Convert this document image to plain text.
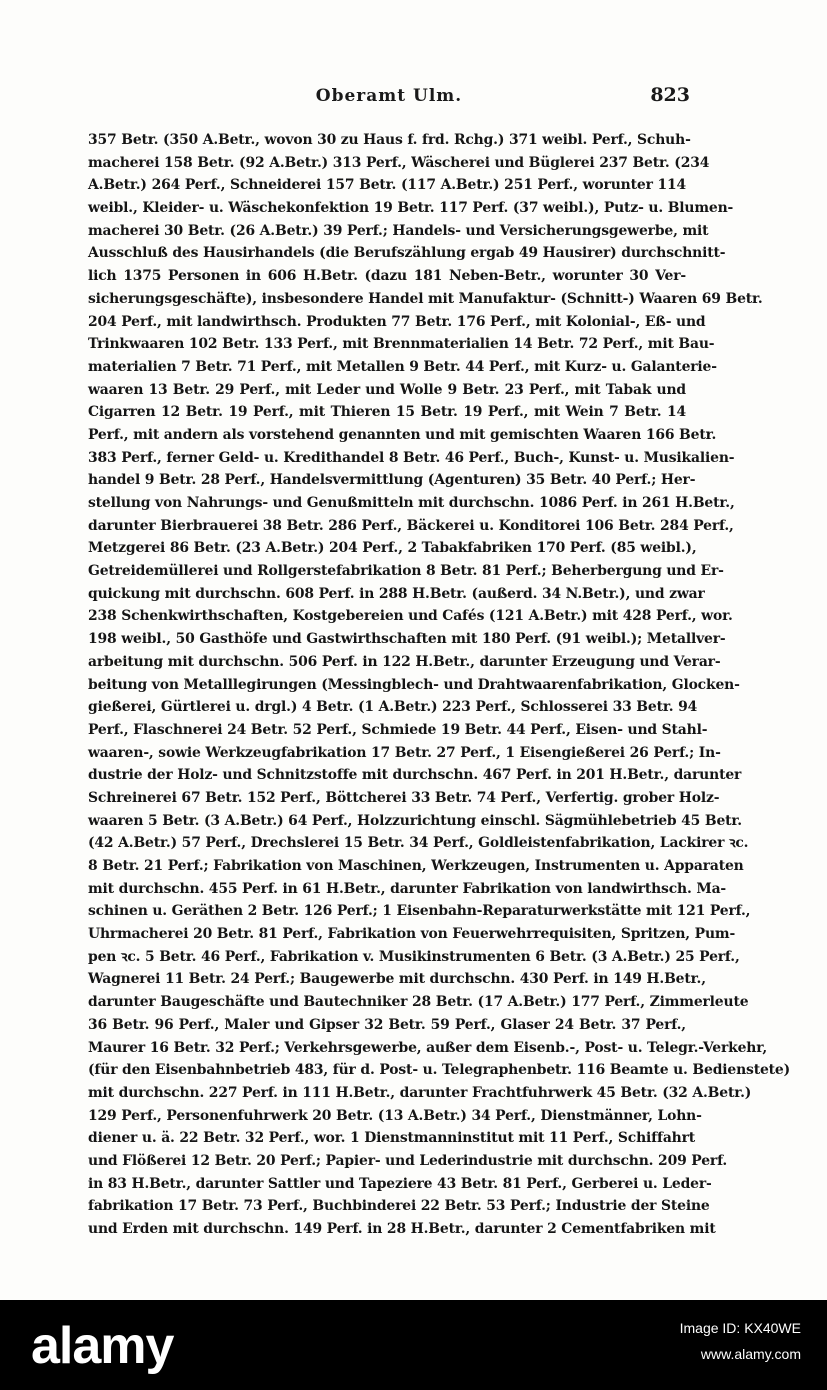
Oberamt Ulm.	823
357 Betr. (350 A.Betr., wovon 30 zu Haus f. frd. Rchg.) 371 weibl. Perf., Schuh-
macherei 158 Betr. (92 A.Betr.) 313 Perf., Wäscherei und Büglerei 237 Betr. (234
A.Betr.) 264 Perf., Schneiderei 157 Betr. (117 A.Betr.) 251 Perf., worunter 114
weibl., Kleider- u. Wäschekonfektion 19 Betr. 117 Perf. (37 weibl.), Putz- u. Blumen-
macherei 30 Betr. (26 A.Betr.) 39 Perf.; Handels- und Versicherungsgewerbe, mit
Ausschluß des Hausirhandels (die Berufszählung ergab 49 Hausirer) durchschnitt-
lich 1375 Personen in 606 H.Betr. (dazu 181 Neben-Betr., worunter 30 Ver-
sicherungsgeschäfte), insbesondere Handel mit Manufaktur- (Schnitt-) Waaren 69 Betr.
204 Perf., mit landwirthsch. Produkten 77 Betr. 176 Perf., mit Kolonial-, Eß- und
Trinkwaaren 102 Betr. 133 Perf., mit Brennmaterialien 14 Betr. 72 Perf., mit Bau-
materialien 7 Betr. 71 Perf., mit Metallen 9 Betr. 44 Perf., mit Kurz- u. Galanterie-
waaren 13 Betr. 29 Perf., mit Leder und Wolle 9 Betr. 23 Perf., mit Tabak und
Cigarren 12 Betr. 19 Perf., mit Thieren 15 Betr. 19 Perf., mit Wein 7 Betr. 14
Perf., mit andern als vorstehend genannten und mit gemischten Waaren 166 Betr.
383 Perf., ferner Geld- u. Kredithandel 8 Betr. 46 Perf., Buch-, Kunst- u. Musikalien-
handel 9 Betr. 28 Perf., Handelsvermittlung (Agenturen) 35 Betr. 40 Perf.; Her-
stellung von Nahrungs- und Genußmitteln mit durchschn. 1086 Perf. in 261 H.Betr.,
darunter Bierbrauerei 38 Betr. 286 Perf., Bäckerei u. Konditorei 106 Betr. 284 Perf.,
Metzgerei 86 Betr. (23 A.Betr.) 204 Perf., 2 Tabakfabriken 170 Perf. (85 weibl.),
Getreidemüllerei und Rollgerstefabrikation 8 Betr. 81 Perf.; Beherbergung und Er-
quickung mit durchschn. 608 Perf. in 288 H.Betr. (außerd. 34 N.Betr.), und zwar
238 Schenkwirthschaften, Kostgebereien und Cafés (121 A.Betr.) mit 428 Perf., wor.
198 weibl., 50 Gasthöfe und Gastwirthschaften mit 180 Perf. (91 weibl.); Metallver-
arbeitung mit durchschn. 506 Perf. in 122 H.Betr., darunter Erzeugung und Verar-
beitung von Metalllegirungen (Messingblech- und Drahtwaarenfabrikation, Glocken-
gießerei, Gürtlerei u. drgl.) 4 Betr. (1 A.Betr.) 223 Perf., Schlosserei 33 Betr. 94
Perf., Flaschnerei 24 Betr. 52 Perf., Schmiede 19 Betr. 44 Perf., Eisen- und Stahl-
waaren-, sowie Werkzeugfabrikation 17 Betr. 27 Perf., 1 Eisengießerei 26 Perf.; In-
dustrie der Holz- und Schnitzstoffe mit durchschn. 467 Perf. in 201 H.Betr., darunter
Schreinerei 67 Betr. 152 Perf., Böttcherei 33 Betr. 74 Perf., Verfertig. grober Holz-
waaren 5 Betr. (3 A.Betr.) 64 Perf., Holzzurichtung einschl. Sägmühlebetrieb 45 Betr.
(42 A.Betr.) 57 Perf., Drechslerei 15 Betr. 34 Perf., Goldleistenfabrikation, Lackirer ꝛc.
8 Betr. 21 Perf.; Fabrikation von Maschinen, Werkzeugen, Instrumenten u. Apparaten
mit durchschn. 455 Perf. in 61 H.Betr., darunter Fabrikation von landwirthsch. Ma-
schinen u. Geräthen 2 Betr. 126 Perf.; 1 Eisenbahn-Reparaturwerkstätte mit 121 Perf.,
Uhrmacherei 20 Betr. 81 Perf., Fabrikation von Feuerwehrrequisiten, Spritzen, Pum-
pen ꝛc. 5 Betr. 46 Perf., Fabrikation v. Musikinstrumenten 6 Betr. (3 A.Betr.) 25 Perf.,
Wagnerei 11 Betr. 24 Perf.; Baugewerbe mit durchschn. 430 Perf. in 149 H.Betr.,
darunter Baugeschäfte und Bautechniker 28 Betr. (17 A.Betr.) 177 Perf., Zimmerleute
36 Betr. 96 Perf., Maler und Gipser 32 Betr. 59 Perf., Glaser 24 Betr. 37 Perf.,
Maurer 16 Betr. 32 Perf.; Verkehrsgewerbe, außer dem Eisenb.-, Post- u. Telegr.-Verkehr,
(für den Eisenbahnbetrieb 483, für d. Post- u. Telegraphenbetr. 116 Beamte u. Bedienstete)
mit durchschn. 227 Perf. in 111 H.Betr., darunter Frachtfuhrwerk 45 Betr. (32 A.Betr.)
129 Perf., Personenfuhrwerk 20 Betr. (13 A.Betr.) 34 Perf., Dienstmänner, Lohn-
diener u. ä. 22 Betr. 32 Perf., wor. 1 Dienstmanninstitut mit 11 Perf., Schiffahrt
und Flößerei 12 Betr. 20 Perf.; Papier- und Lederindustrie mit durchschn. 209 Perf.
in 83 H.Betr., darunter Sattler und Tapeziere 43 Betr. 81 Perf., Gerberei u. Leder-
fabrikation 17 Betr. 73 Perf., Buchbinderei 22 Betr. 53 Perf.; Industrie der Steine
und Erden mit durchschn. 149 Perf. in 28 H.Betr., darunter 2 Cementfabriken mit
alamy	Image ID: KX40WE
www.alamy.com
